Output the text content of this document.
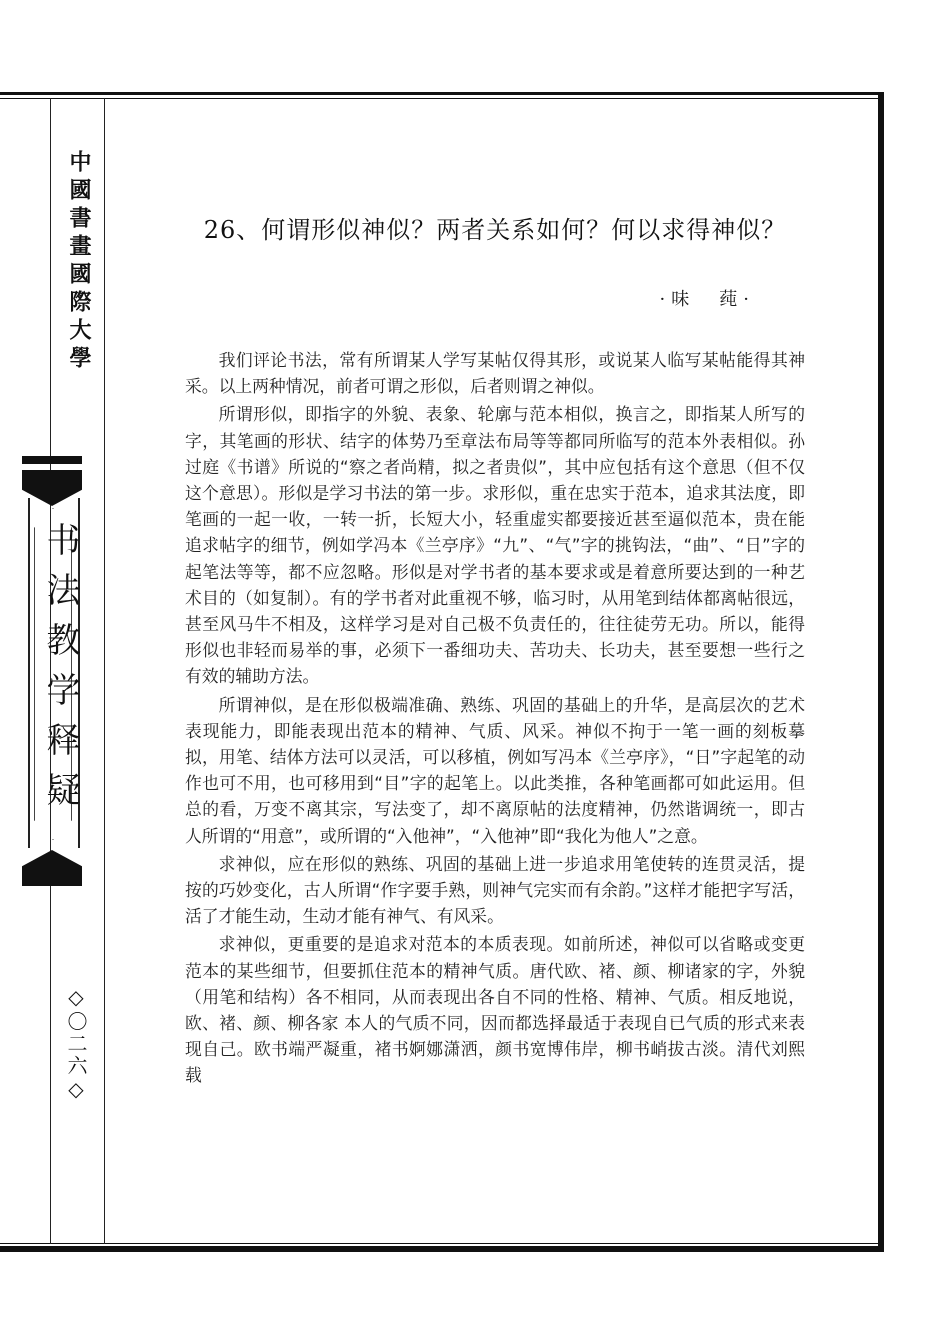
中國書畫國際大學
书法教学释疑
◇〇二六◇
26、何谓形似神似？两者关系如何？何以求得神似？
·味　莼·

我们评论书法，常有所谓某人学写某帖仅得其形，或说某人临写某帖能得其神采。以上两种情况，前者可谓之形似，后者则谓之神似。

所谓形似，即指字的外貌、表象、轮廓与范本相似，换言之，即指某人所写的字，其笔画的形状、结字的体势乃至章法布局等等都同所临写的范本外表相似。孙过庭《书谱》所说的“察之者尚精，拟之者贵似”，其中应包括有这个意思（但不仅这个意思）。形似是学习书法的第一步。求形似，重在忠实于范本，追求其法度，即笔画的一起一收，一转一折，长短大小，轻重虚实都要接近甚至逼似范本，贵在能追求帖字的细节，例如学冯本《兰亭序》“九”、“气”字的挑钩法，“曲”、“日”字的起笔法等等，都不应忽略。形似是对学书者的基本要求或是着意所要达到的一种艺术目的（如复制）。有的学书者对此重视不够，临习时，从用笔到结体都离帖很远，甚至风马牛不相及，这样学习是对自己极不负责任的，往往徒劳无功。所以，能得形似也非轻而易举的事，必须下一番细功夫、苦功夫、长功夫，甚至要想一些行之有效的辅助方法。

所谓神似，是在形似极端准确、熟练、巩固的基础上的升华，是高层次的艺术表现能力，即能表现出范本的精神、气质、风采。神似不拘于一笔一画的刻板摹拟，用笔、结体方法可以灵活，可以移植，例如写冯本《兰亭序》，“日”字起笔的动作也可不用，也可移用到“目”字的起笔上。以此类推，各种笔画都可如此运用。但总的看，万变不离其宗，写法变了，却不离原帖的法度精神，仍然谐调统一，即古人所谓的“用意”，或所谓的“入他神”，“入他神”即“我化为他人”之意。

求神似，应在形似的熟练、巩固的基础上进一步追求用笔使转的连贯灵活，提按的巧妙变化，古人所谓“作字要手熟，则神气完实而有余韵。”这样才能把字写活，活了才能生动，生动才能有神气、有风采。

求神似，更重要的是追求对范本的本质表现。如前所述，神似可以省略或变更范本的某些细节，但要抓住范本的精神气质。唐代欧、褚、颜、柳诸家的字，外貌（用笔和结构）各不相同，从而表现出各自不同的性格、精神、气质。相反地说，欧、褚、颜、柳各家 本人的气质不同，因而都选择最适于表现自已气质的形式来表现自己。欧书端严凝重，褚书婀娜潇洒，颜书宽博伟岸，柳书峭拔古淡。清代刘熙载
